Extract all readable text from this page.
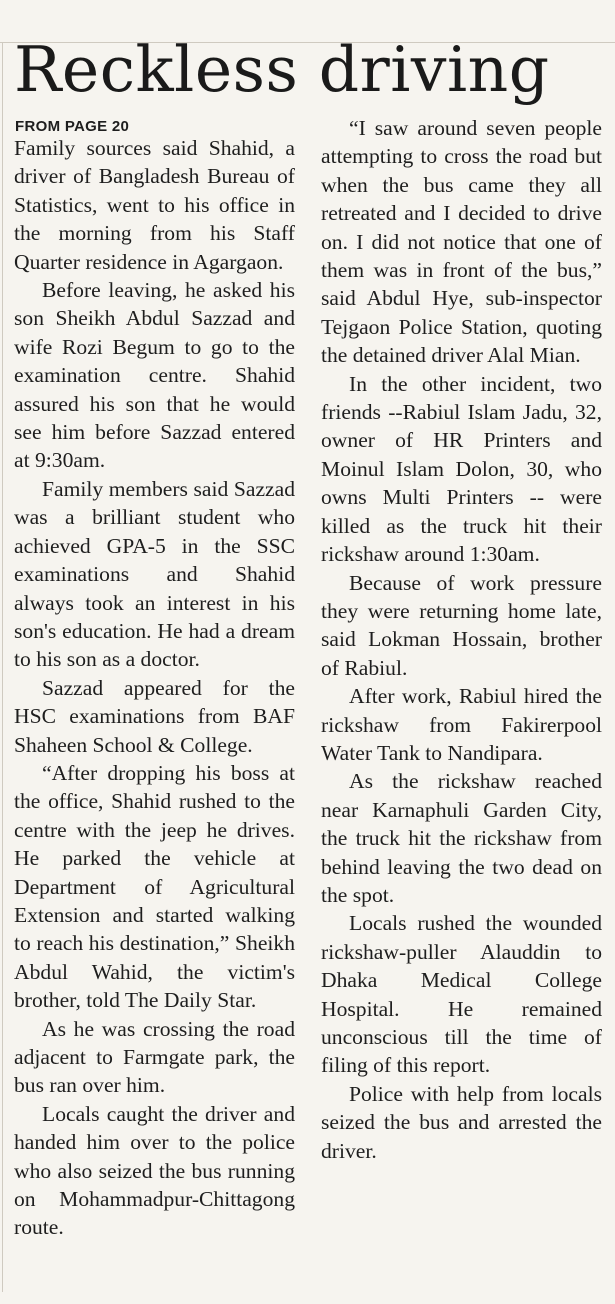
Reckless driving
FROM PAGE 20

Family sources said Shahid, a driver of Bangladesh Bureau of Statistics, went to his office in the morning from his Staff Quarter residence in Agargaon.

Before leaving, he asked his son Sheikh Abdul Sazzad and wife Rozi Begum to go to the examination centre. Shahid assured his son that he would see him before Sazzad entered at 9:30am.

Family members said Sazzad was a brilliant student who achieved GPA-5 in the SSC examinations and Shahid always took an interest in his son's education. He had a dream to his son as a doctor.

Sazzad appeared for the HSC examinations from BAF Shaheen School & College.

“After dropping his boss at the office, Shahid rushed to the centre with the jeep he drives. He parked the vehicle at Department of Agricultural Extension and started walking to reach his destination,” Sheikh Abdul Wahid, the victim's brother, told The Daily Star.

As he was crossing the road adjacent to Farmgate park, the bus ran over him.

Locals caught the driver and handed him over to the police who also seized the bus running on Mohammadpur-Chittagong route.

“I saw around seven people attempting to cross the road but when the bus came they all retreated and I decided to drive on. I did not notice that one of them was in front of the bus,” said Abdul Hye, sub-inspector Tejgaon Police Station, quoting the detained driver Alal Mian.

In the other incident, two friends --Rabiul Islam Jadu, 32, owner of HR Printers and Moinul Islam Dolon, 30, who owns Multi Printers -- were killed as the truck hit their rickshaw around 1:30am.

Because of work pressure they were returning home late, said Lokman Hossain, brother of Rabiul.

After work, Rabiul hired the rickshaw from Fakirerpool Water Tank to Nandipara.

As the rickshaw reached near Karnaphuli Garden City, the truck hit the rickshaw from behind leaving the two dead on the spot.

Locals rushed the wounded rickshaw-puller Alauddin to Dhaka Medical College Hospital. He remained unconscious till the time of filing of this report.

Police with help from locals seized the bus and arrested the driver.
